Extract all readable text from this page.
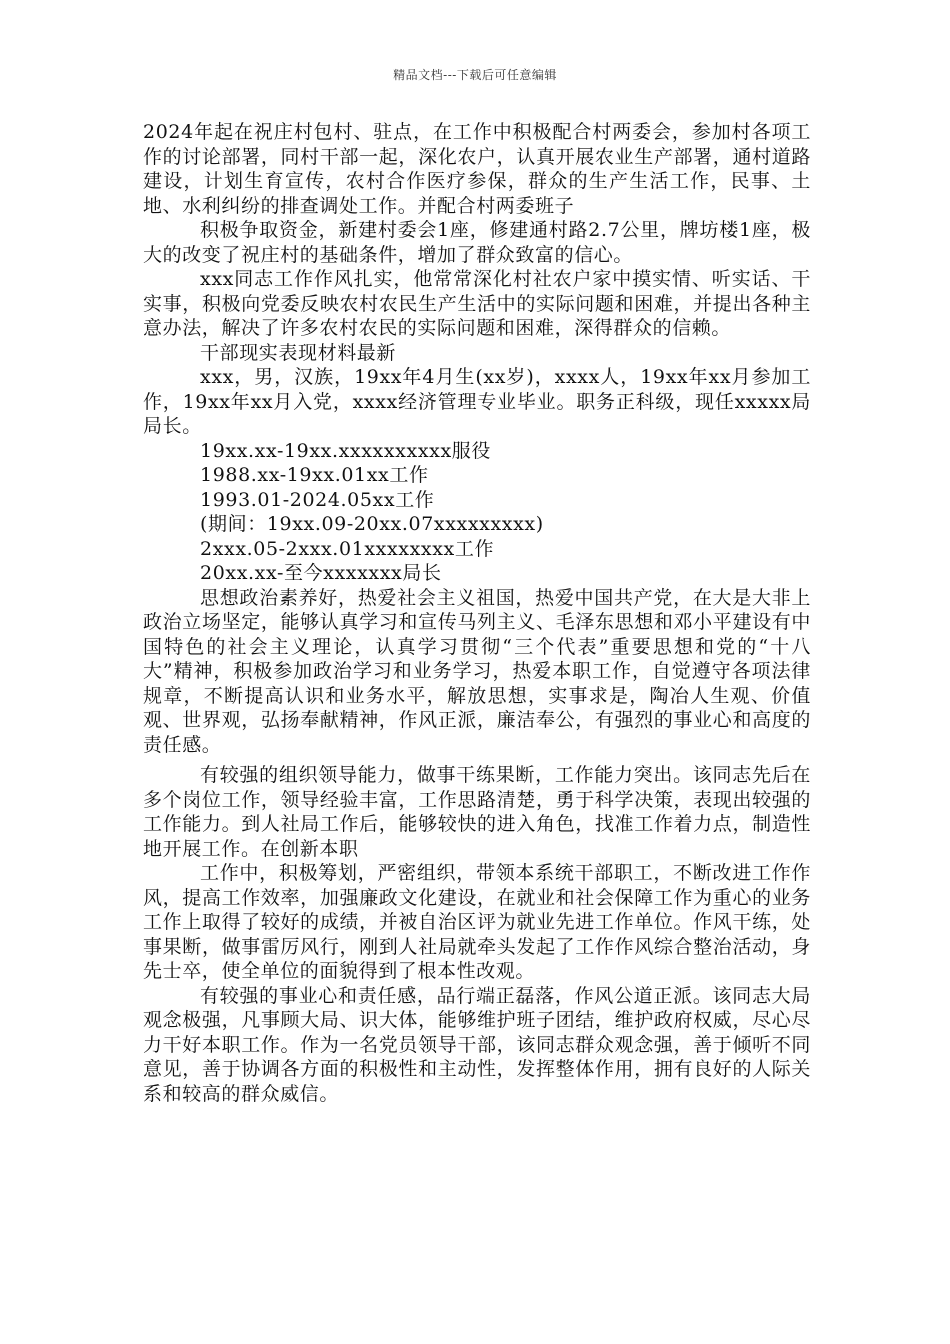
精品文档---下载后可任意编辑

2024年起在祝庄村包村、驻点，在工作中积极配合村两委会，参加村各项工作的讨论部署，同村干部一起，深化农户，认真开展农业生产部署，通村道路建设，计划生育宣传，农村合作医疗参保，群众的生产生活工作，民事、土地、水利纠纷的排查调处工作。并配合村两委班子

积极争取资金，新建村委会1座，修建通村路2.7公里，牌坊楼1座，极大的改变了祝庄村的基础条件，增加了群众致富的信心。

xxx同志工作作风扎实，他常常深化村社农户家中摸实情、听实话、干实事，积极向党委反映农村农民生产生活中的实际问题和困难，并提出各种主意办法，解决了许多农村农民的实际问题和困难，深得群众的信赖。

干部现实表现材料最新

xxx，男，汉族，19xx年4月生(xx岁)，xxxx人，19xx年xx月参加工作，19xx年xx月入党，xxxx经济管理专业毕业。职务正科级，现任xxxxx局局长。

19xx.xx-19xx.xxxxxxxxxx服役

1988.xx-19xx.01xx工作

1993.01-2024.05xx工作

(期间：19xx.09-20xx.07xxxxxxxxx)

2xxx.05-2xxx.01xxxxxxxx工作

20xx.xx-至今xxxxxxx局长

思想政治素养好，热爱社会主义祖国，热爱中国共产党，在大是大非上政治立场坚定，能够认真学习和宣传马列主义、毛泽东思想和邓小平建设有中国特色的社会主义理论，认真学习贯彻“三个代表”重要思想和党的“十八大”精神，积极参加政治学习和业务学习，热爱本职工作，自觉遵守各项法律规章，不断提高认识和业务水平，解放思想，实事求是，陶冶人生观、价值观、世界观，弘扬奉献精神，作风正派，廉洁奉公，有强烈的事业心和高度的责任感。

有较强的组织领导能力，做事干练果断，工作能力突出。该同志先后在多个岗位工作，领导经验丰富，工作思路清楚，勇于科学决策，表现出较强的工作能力。到人社局工作后，能够较快的进入角色，找准工作着力点，制造性地开展工作。在创新本职

工作中，积极筹划，严密组织，带领本系统干部职工，不断改进工作作风，提高工作效率，加强廉政文化建设，在就业和社会保障工作为重心的业务工作上取得了较好的成绩，并被自治区评为就业先进工作单位。作风干练，处事果断，做事雷厉风行，刚到人社局就牵头发起了工作作风综合整治活动，身先士卒，使全单位的面貌得到了根本性改观。

有较强的事业心和责任感，品行端正磊落，作风公道正派。该同志大局观念极强，凡事顾大局、识大体，能够维护班子团结，维护政府权威，尽心尽力干好本职工作。作为一名党员领导干部，该同志群众观念强，善于倾听不同意见，善于协调各方面的积极性和主动性，发挥整体作用，拥有良好的人际关系和较高的群众威信。
